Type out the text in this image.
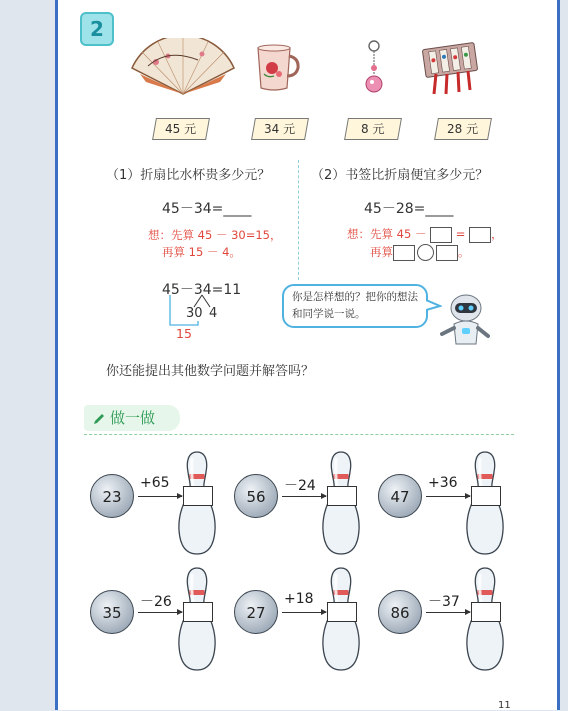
2
45 元	34 元	8 元	28 元
（1）折扇比水杯贵多少元？
45－34=____
想：先算 45 － 30=15，
再算 15 － 4。
45－34=11
30 4
15
（2）书签比折扇便宜多少元？
45－28=____
想：先算 45 －	= ，
再算	。
你是怎样想的？把你的想法和同学说一说。
你还能提出其他数学问题并解答吗？
做一做
23
+65
56
－24
47
+36
35
－26
27
+18
86
－37
11
